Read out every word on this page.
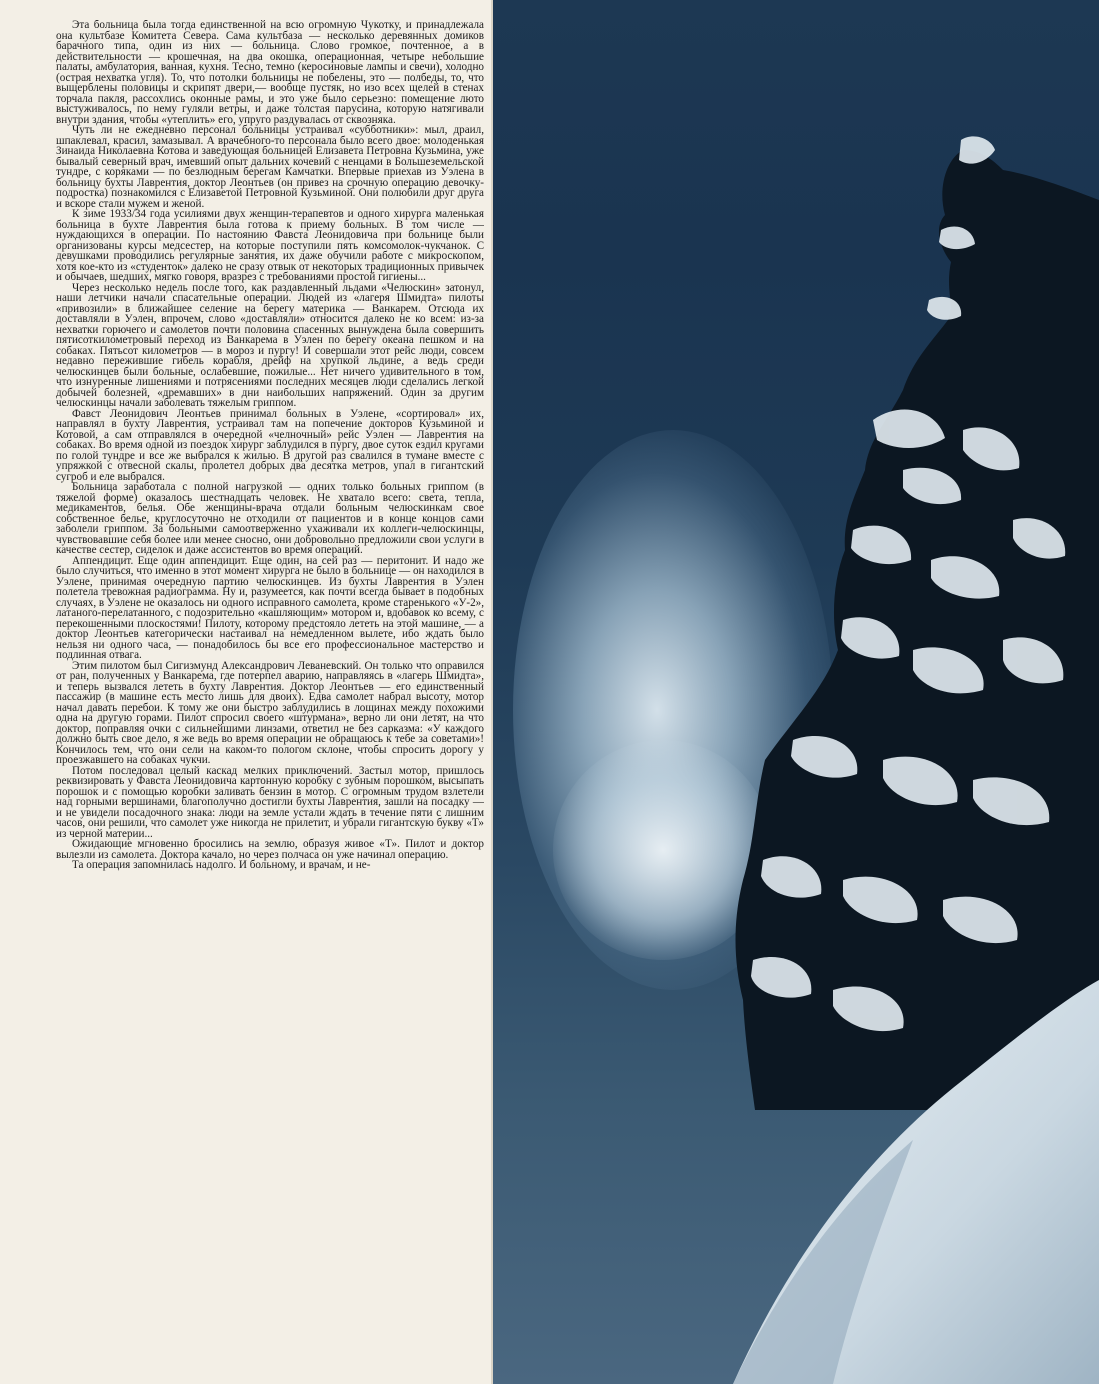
Эта больница была тогда единственной на всю огромную Чукотку, и принадлежала она культбазе Комитета Севера. Сама культбаза — несколько деревянных домиков барачного типа, один из них — больница. Слово громкое, почтенное, а в действительности — крошечная, на два окошка, операционная, четыре небольшие палаты, амбулатория, ванная, кухня. Тесно, темно (керосиновые лампы и свечи), холодно (острая нехватка угля). То, что потолки больницы не побелены, это — полбеды, то, что выщерблены половицы и скрипят двери,— вообще пустяк, но изо всех щелей в стенах торчала пакля, рассохлись оконные рамы, и это уже было серьезно: помещение люто выстуживалось, по нему гуляли ветры, и даже толстая парусина, которую натягивали внутри здания, чтобы «утеплить» его, упруго раздувалась от сквозняка.

Чуть ли не ежедневно персонал больницы устраивал «субботники»: мыл, драил, шпаклевал, красил, замазывал. А врачебного-то персонала было всего двое: молоденькая Зинаида Николаевна Котова и заведующая больницей Елизавета Петровна Кузьмина, уже бывалый северный врач, имевший опыт дальних кочевий с ненцами в Большеземельской тундре, с коряками — по безлюдным берегам Камчатки. Впервые приехав из Уэлена в больницу бухты Лаврентия, доктор Леонтьев (он привез на срочную операцию девочку-подростка) познакомился с Елизаветой Петровной Кузьминой. Они полюбили друг друга и вскоре стали мужем и женой.

К зиме 1933/34 года усилиями двух женщин-терапевтов и одного хирурга маленькая больница в бухте Лаврентия была готова к приему больных. В том числе — нуждающихся в операции. По настоянию Фавста Леонидовича при больнице были организованы курсы медсестер, на которые поступили пять комсомолок-чукчанок. С девушками проводились регулярные занятия, их даже обучили работе с микроскопом, хотя кое-кто из «студенток» далеко не сразу отвык от некоторых традиционных привычек и обычаев, шедших, мягко говоря, вразрез с требованиями простой гигиены...

Через несколько недель после того, как раздавленный льдами «Челюскин» затонул, наши летчики начали спасательные операции. Людей из «лагеря Шмидта» пилоты «привозили» в ближайшее селение на берегу материка — Ванкарем. Отсюда их доставляли в Уэлен, впрочем, слово «доставляли» относится далеко не ко всем: из-за нехватки горючего и самолетов почти половина спасенных вынуждена была совершить пятисоткилометровый переход из Ванкарема в Уэлен по берегу океана пешком и на собаках. Пятьсот километров — в мороз и пургу! И совершали этот рейс люди, совсем недавно пережившие гибель корабля, дрейф на хрупкой льдине, а ведь среди челюскинцев были больные, ослабевшие, пожилые... Нет ничего удивительного в том, что изнуренные лишениями и потрясениями последних месяцев люди сделались легкой добычей болезней, «дремавших» в дни наибольших напряжений. Один за другим челюскинцы начали заболевать тяжелым гриппом.

Фавст Леонидович Леонтьев принимал больных в Уэлене, «сортировал» их, направлял в бухту Лаврентия, устраивал там на попечение докторов Кузьминой и Котовой, а сам отправлялся в очередной «челночный» рейс Уэлен — Лаврентия на собаках. Во время одной из поездок хирург заблудился в пургу, двое суток ездил кругами по голой тундре и все же выбрался к жилью. В другой раз свалился в тумане вместе с упряжкой с отвесной скалы, пролетел добрых два десятка метров, упал в гигантский сугроб и еле выбрался.

Больница заработала с полной нагрузкой — одних только больных гриппом (в тяжелой форме) оказалось шестнадцать человек. Не хватало всего: света, тепла, медикаментов, белья. Обе женщины-врача отдали больным челюскинкам свое собственное белье, круглосуточно не отходили от пациентов и в конце концов сами заболели гриппом. За больными самоотверженно ухаживали их коллеги-челюскинцы, чувствовавшие себя более или менее сносно, они добровольно предложили свои услуги в качестве сестер, сиделок и даже ассистентов во время операций.

Аппендицит. Еще один аппендицит. Еще один, на сей раз — перитонит. И надо же было случиться, что именно в этот момент хирурга не было в больнице — он находился в Уэлене, принимая очередную партию челюскинцев. Из бухты Лаврентия в Уэлен полетела тревожная радиограмма. Ну и, разумеется, как почти всегда бывает в подобных случаях, в Уэлене не оказалось ни одного исправного самолета, кроме старенького «У-2», латаного-перелатанного, с подозрительно «кашляющим» мотором и, вдобавок ко всему, с перекошенными плоскостями! Пилоту, которому предстояло лететь на этой машине, — а доктор Леонтьев категорически настаивал на немедленном вылете, ибо ждать было нельзя ни одного часа, — понадобилось бы все его профессиональное мастерство и подлинная отвага.

Этим пилотом был Сигизмунд Александрович Леваневский. Он только что оправился от ран, полученных у Ванкарема, где потерпел аварию, направляясь в «лагерь Шмидта», и теперь вызвался лететь в бухту Лаврентия. Доктор Леонтьев — его единственный пассажир (в машине есть место лишь для двоих). Едва самолет набрал высоту, мотор начал давать перебои. К тому же они быстро заблудились в лощинах между похожими одна на другую горами. Пилот спросил своего «штурмана», верно ли они летят, на что доктор, поправляя очки с сильнейшими линзами, ответил не без сарказма: «У каждого должно быть свое дело, я же ведь во время операции не обращаюсь к тебе за советами»! Кончилось тем, что они сели на каком-то пологом склоне, чтобы спросить дорогу у проезжавшего на собаках чукчи.

Потом последовал целый каскад мелких приключений. Застыл мотор, пришлось реквизировать у Фавста Леонидовича картонную коробку с зубным порошком, высыпать порошок и с помощью коробки заливать бензин в мотор. С огромным трудом взлетели над горными вершинами, благополучно достигли бухты Лаврентия, зашли на посадку — и не увидели посадочного знака: люди на земле устали ждать в течение пяти с лишним часов, они решили, что самолет уже никогда не прилетит, и убрали гигантскую букву «Т» из черной материи...

Ожидающие мгновенно бросились на землю, образуя живое «Т». Пилот и доктор вылезли из самолета. Доктора качало, но через полчаса он уже начинал операцию.

Та операция запомнилась надолго. И больному, и врачам, и не-
